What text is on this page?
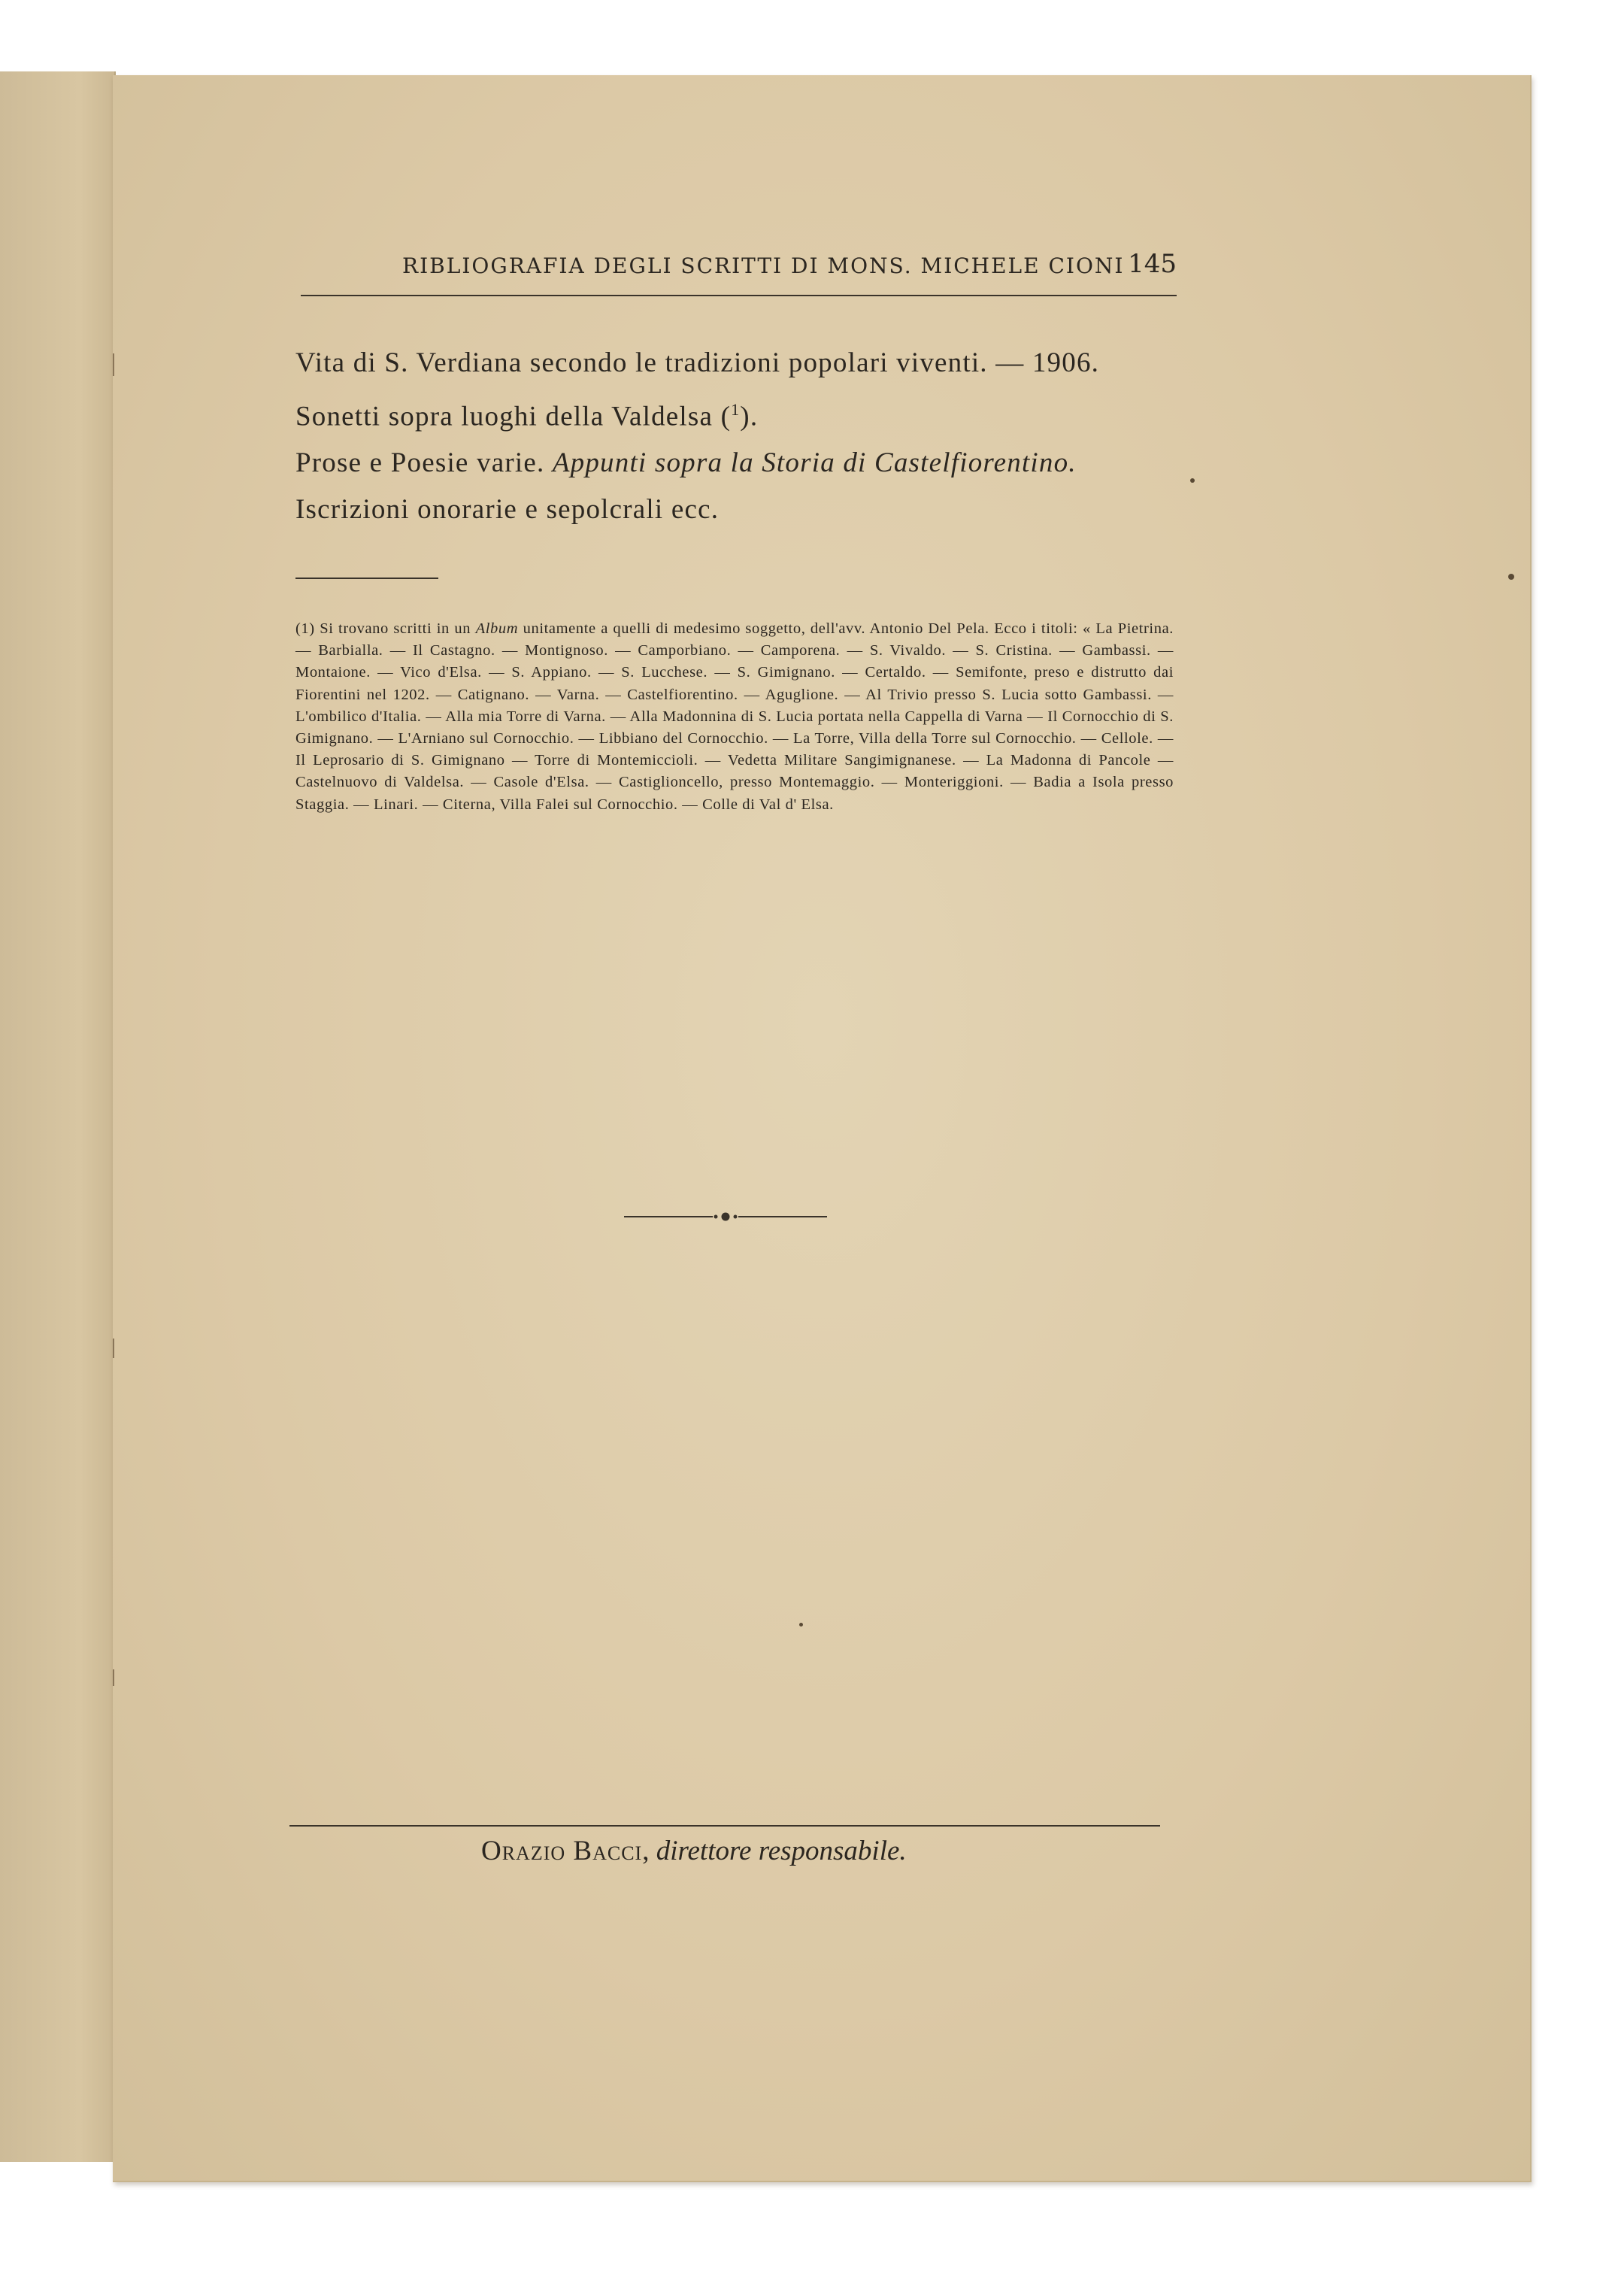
RIBLIOGRAFIA DEGLI SCRITTI DI MONS. MICHELE CIONI 145
Vita di S. Verdiana secondo le tradizioni popolari viventi. — 1906.
Sonetti sopra luoghi della Valdelsa ($^1$).
Prose e Poesie varie. Appunti sopra la Storia di Castelfiorentino.
Iscrizioni onorarie e sepolcrali ecc.
(1) Si trovano scritti in un Album unitamente a quelli di medesimo soggetto, dell'avv. Antonio Del Pela. Ecco i titoli: « La Pietrina. — Barbialla. — Il Castagno. — Montignoso. — Camporbiano. — Camporena. — S. Vivaldo. — S. Cristina. — Gambassi. — Montaione. — Vico d'Elsa. — S. Appiano. — S. Lucchese. — S. Gimignano. — Certaldo. — Semifonte, preso e distrutto dai Fiorentini nel 1202. — Catignano. — Varna. — Castelfiorentino. — Aguglione. — Al Trivio presso S. Lucia sotto Gambassi. — L'ombilico d'Italia. — Alla mia Torre di Varna. — Alla Madonnina di S. Lucia portata nella Cappella di Varna — Il Cornocchio di S. Gimignano. — L'Arniano sul Cornocchio. — Libbiano del Cornocchio. — La Torre, Villa della Torre sul Cornocchio. — Cellole. — Il Leprosario di S. Gimignano — Torre di Montemiccioli. — Vedetta Militare Sangimignanese. — La Madonna di Pancole — Castelnuovo di Valdelsa. — Casole d'Elsa. — Castiglioncello, presso Montemaggio. — Monteriggioni. — Badia a Isola presso Staggia. — Linari. — Citerna, Villa Falei sul Cornocchio. — Colle di Val d' Elsa.
Orazio Bacci, direttore responsabile.
